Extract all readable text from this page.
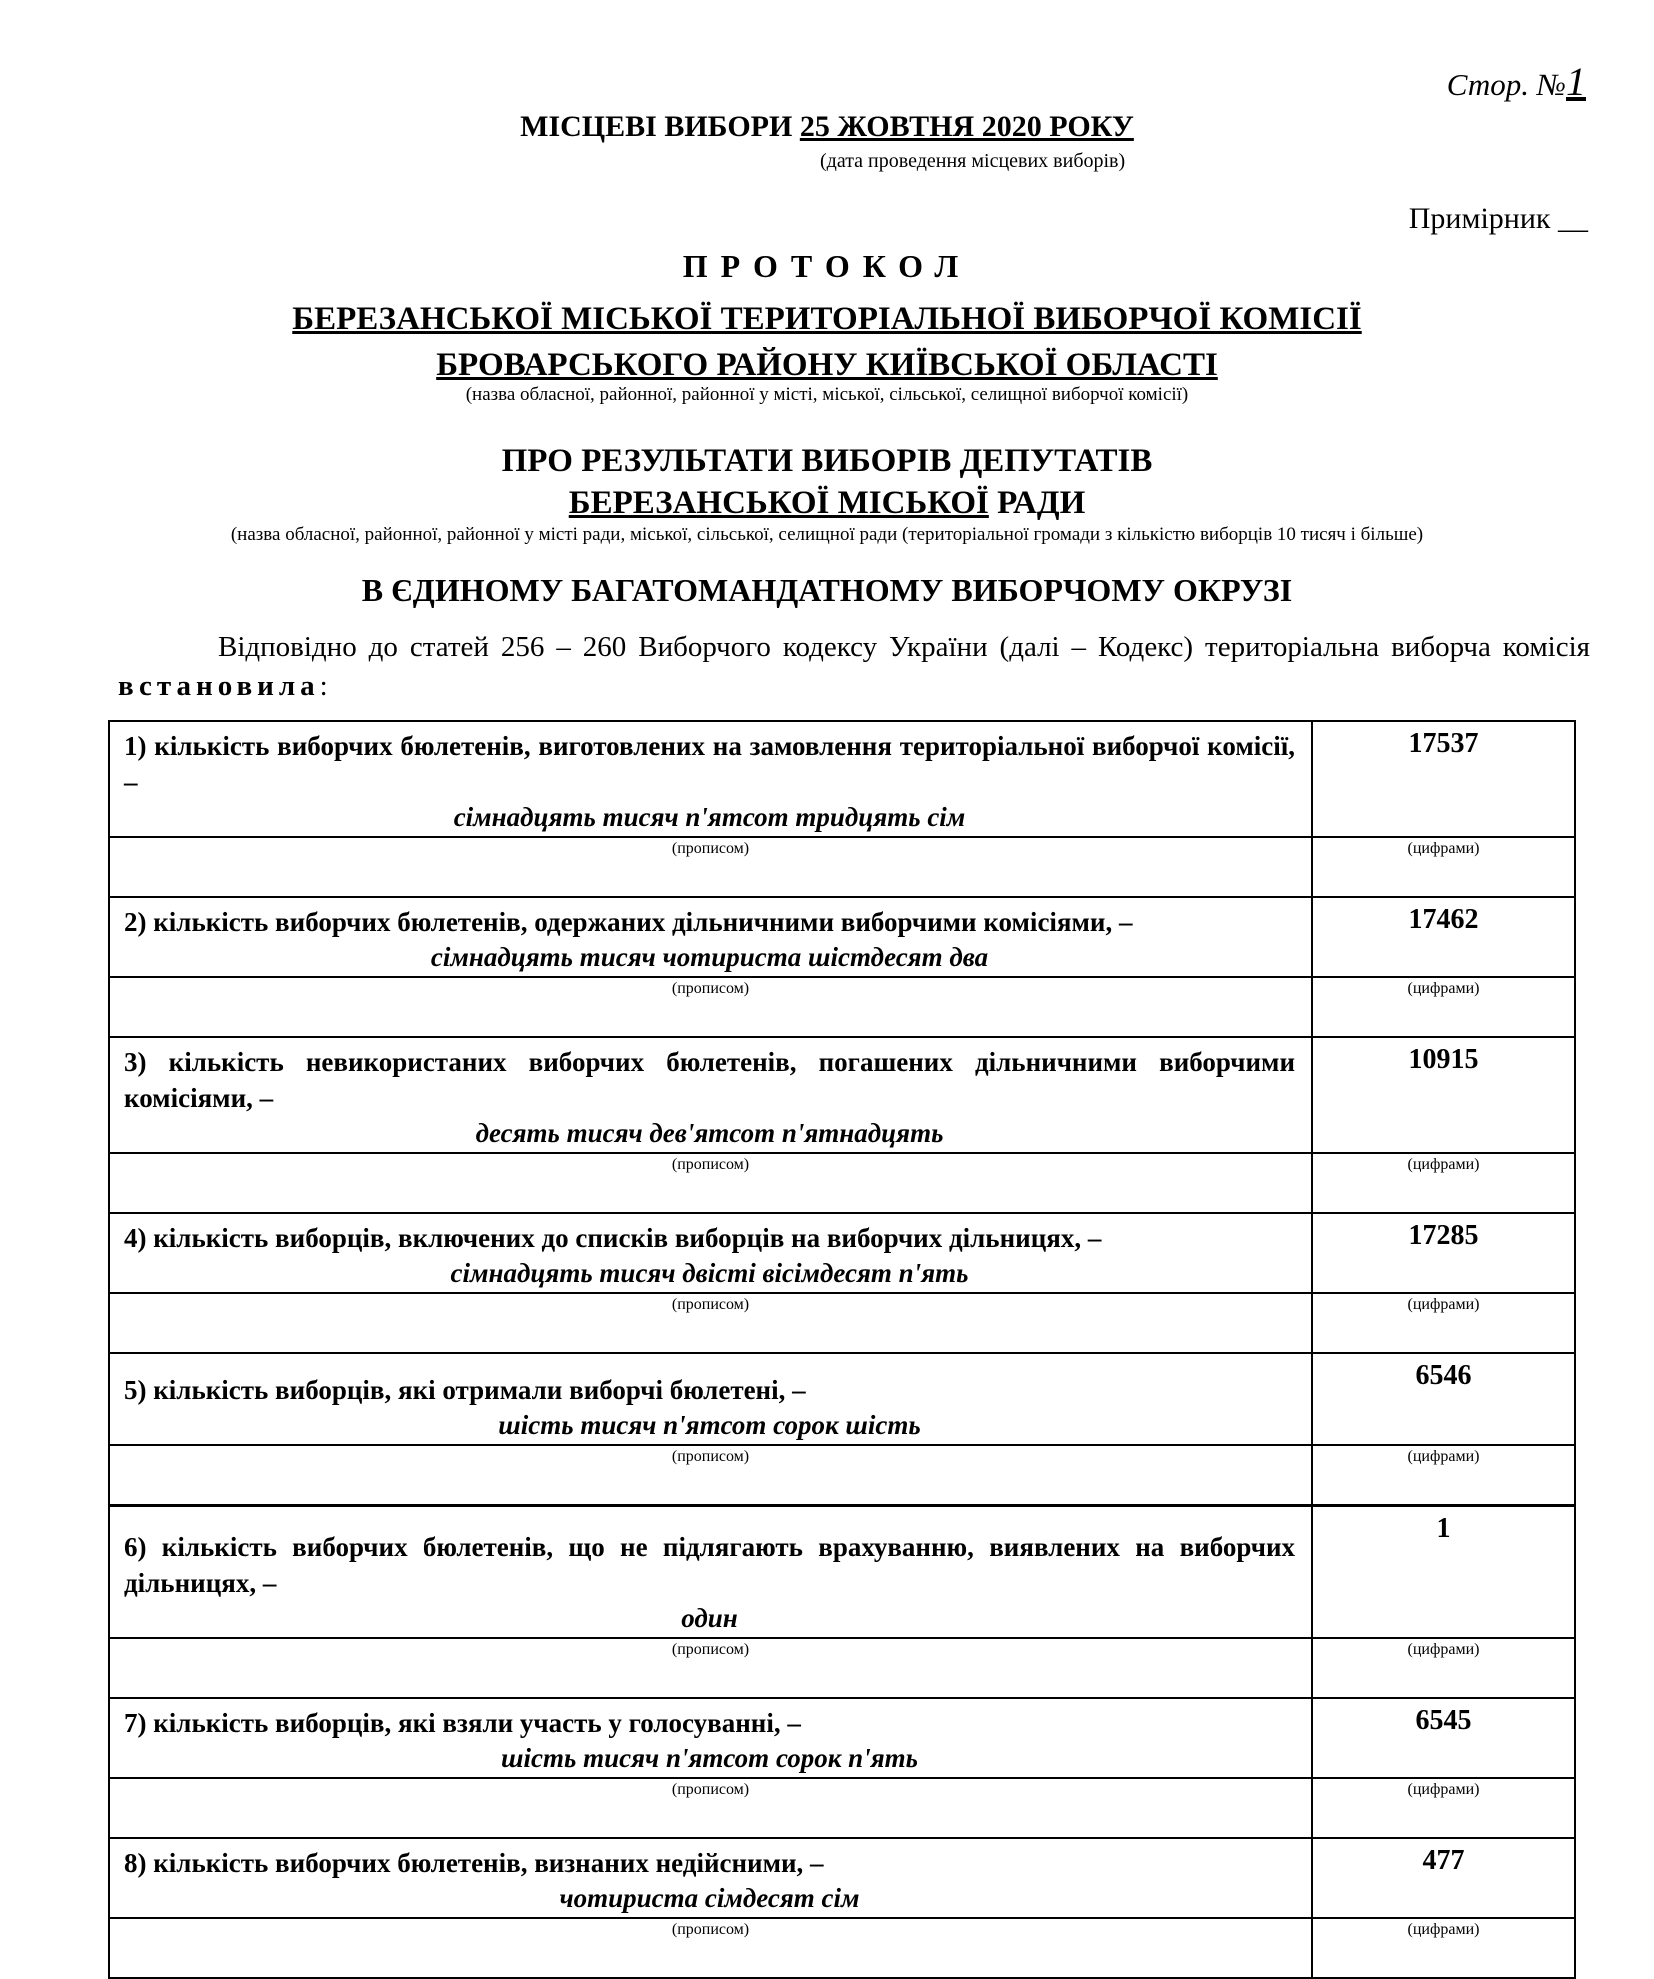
Стор. №1
МІСЦЕВІ ВИБОРИ 25 ЖОВТНЯ 2020 РОКУ
(дата проведення місцевих виборів)
Примірник __
ПРОТОКОЛ
БЕРЕЗАНСЬКОЇ МІСЬКОЇ ТЕРИТОРІАЛЬНОЇ ВИБОРЧОЇ КОМІСІЇ
БРОВАРСЬКОГО РАЙОНУ КИЇВСЬКОЇ ОБЛАСТІ
(назва обласної, районної, районної у місті, міської, сільської, селищної виборчої комісії)
ПРО РЕЗУЛЬТАТИ ВИБОРІВ ДЕПУТАТІВ
БЕРЕЗАНСЬКОЇ МІСЬКОЇ РАДИ
(назва обласної, районної, районної у місті ради, міської, сільської, селищної ради (територіальної громади з кількістю виборців 10 тисяч і більше)
В ЄДИНОМУ БАГАТОМАНДАТНОМУ ВИБОРЧОМУ ОКРУЗІ
Відповідно до статей 256 – 260 Виборчого кодексу України (далі – Кодекс) територіальна виборча комісія встановила:
1) кількість виборчих бюлетенів, виготовлених на замовлення територіальної виборчої комісії, –
сімнадцять тисяч п'ятсот тридцять сім	17537

(прописом)	(цифрами)

2) кількість виборчих бюлетенів, одержаних дільничними виборчими комісіями, –
сімнадцять тисяч чотириста шістдесят два	17462

(прописом)	(цифрами)

3) кількість невикористаних виборчих бюлетенів, погашених дільничними виборчими комісіями, –
десять тисяч дев'ятсот п'ятнадцять	10915

(прописом)	(цифрами)

4) кількість виборців, включених до списків виборців на виборчих дільницях, –
сімнадцять тисяч двісті вісімдесят п'ять	17285

(прописом)	(цифрами)

5) кількість виборців, які отримали виборчі бюлетені, –
шість тисяч п'ятсот сорок шість	6546

(прописом)	(цифрами)

6) кількість виборчих бюлетенів, що не підлягають врахуванню, виявлених на виборчих дільницях, –
один	1

(прописом)	(цифрами)

7) кількість виборців, які взяли участь у голосуванні, –
шість тисяч п'ятсот сорок п'ять	6545

(прописом)	(цифрами)

8) кількість виборчих бюлетенів, визнаних недійсними, –
чотириста сімдесят сім	477

(прописом)	(цифрами)
